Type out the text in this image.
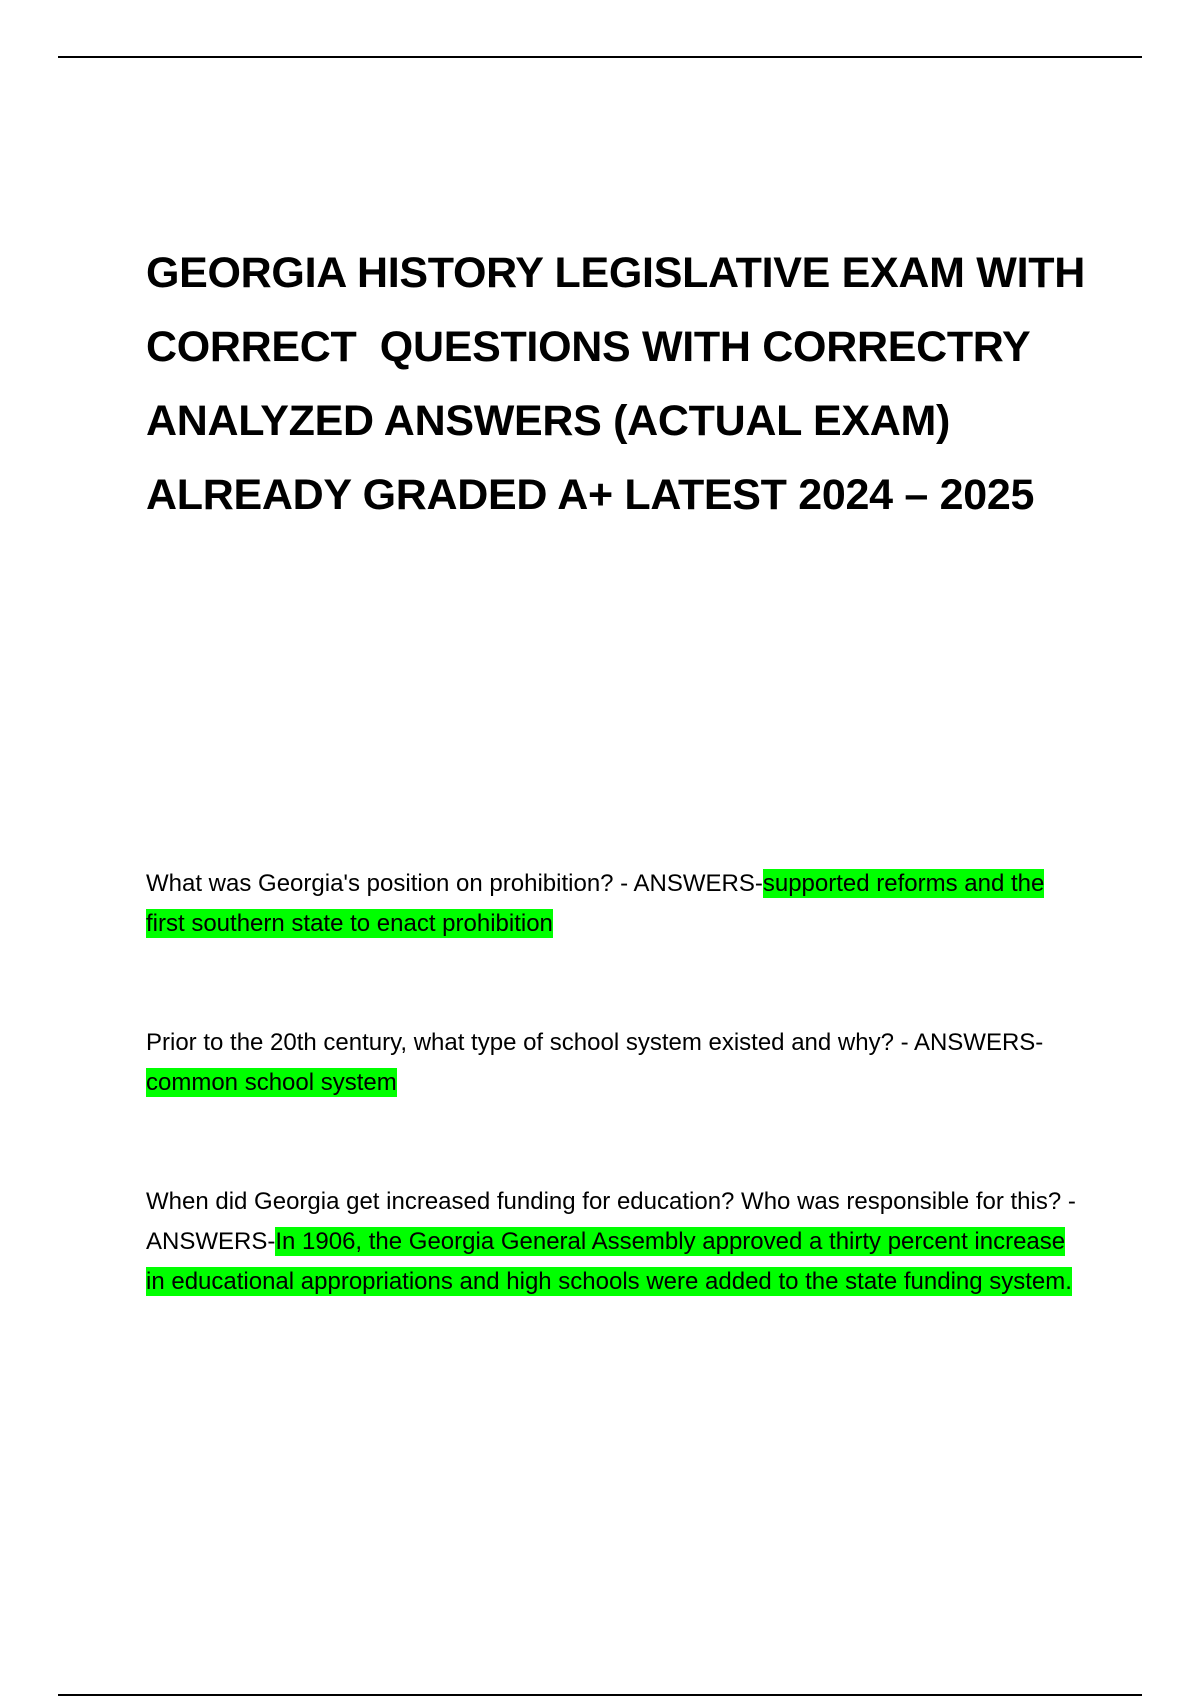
GEORGIA HISTORY LEGISLATIVE EXAM WITH CORRECT  QUESTIONS WITH CORRECTRY ANALYZED ANSWERS (ACTUAL EXAM) ALREADY GRADED A+ LATEST 2024 – 2025

What was Georgia's position on prohibition? - ANSWERS-supported reforms and the first southern state to enact prohibition

Prior to the 20th century, what type of school system existed and why? - ANSWERS-common school system

When did Georgia get increased funding for education? Who was responsible for this? - ANSWERS-In 1906, the Georgia General Assembly approved a thirty percent increase in educational appropriations and high schools were added to the state funding system.
